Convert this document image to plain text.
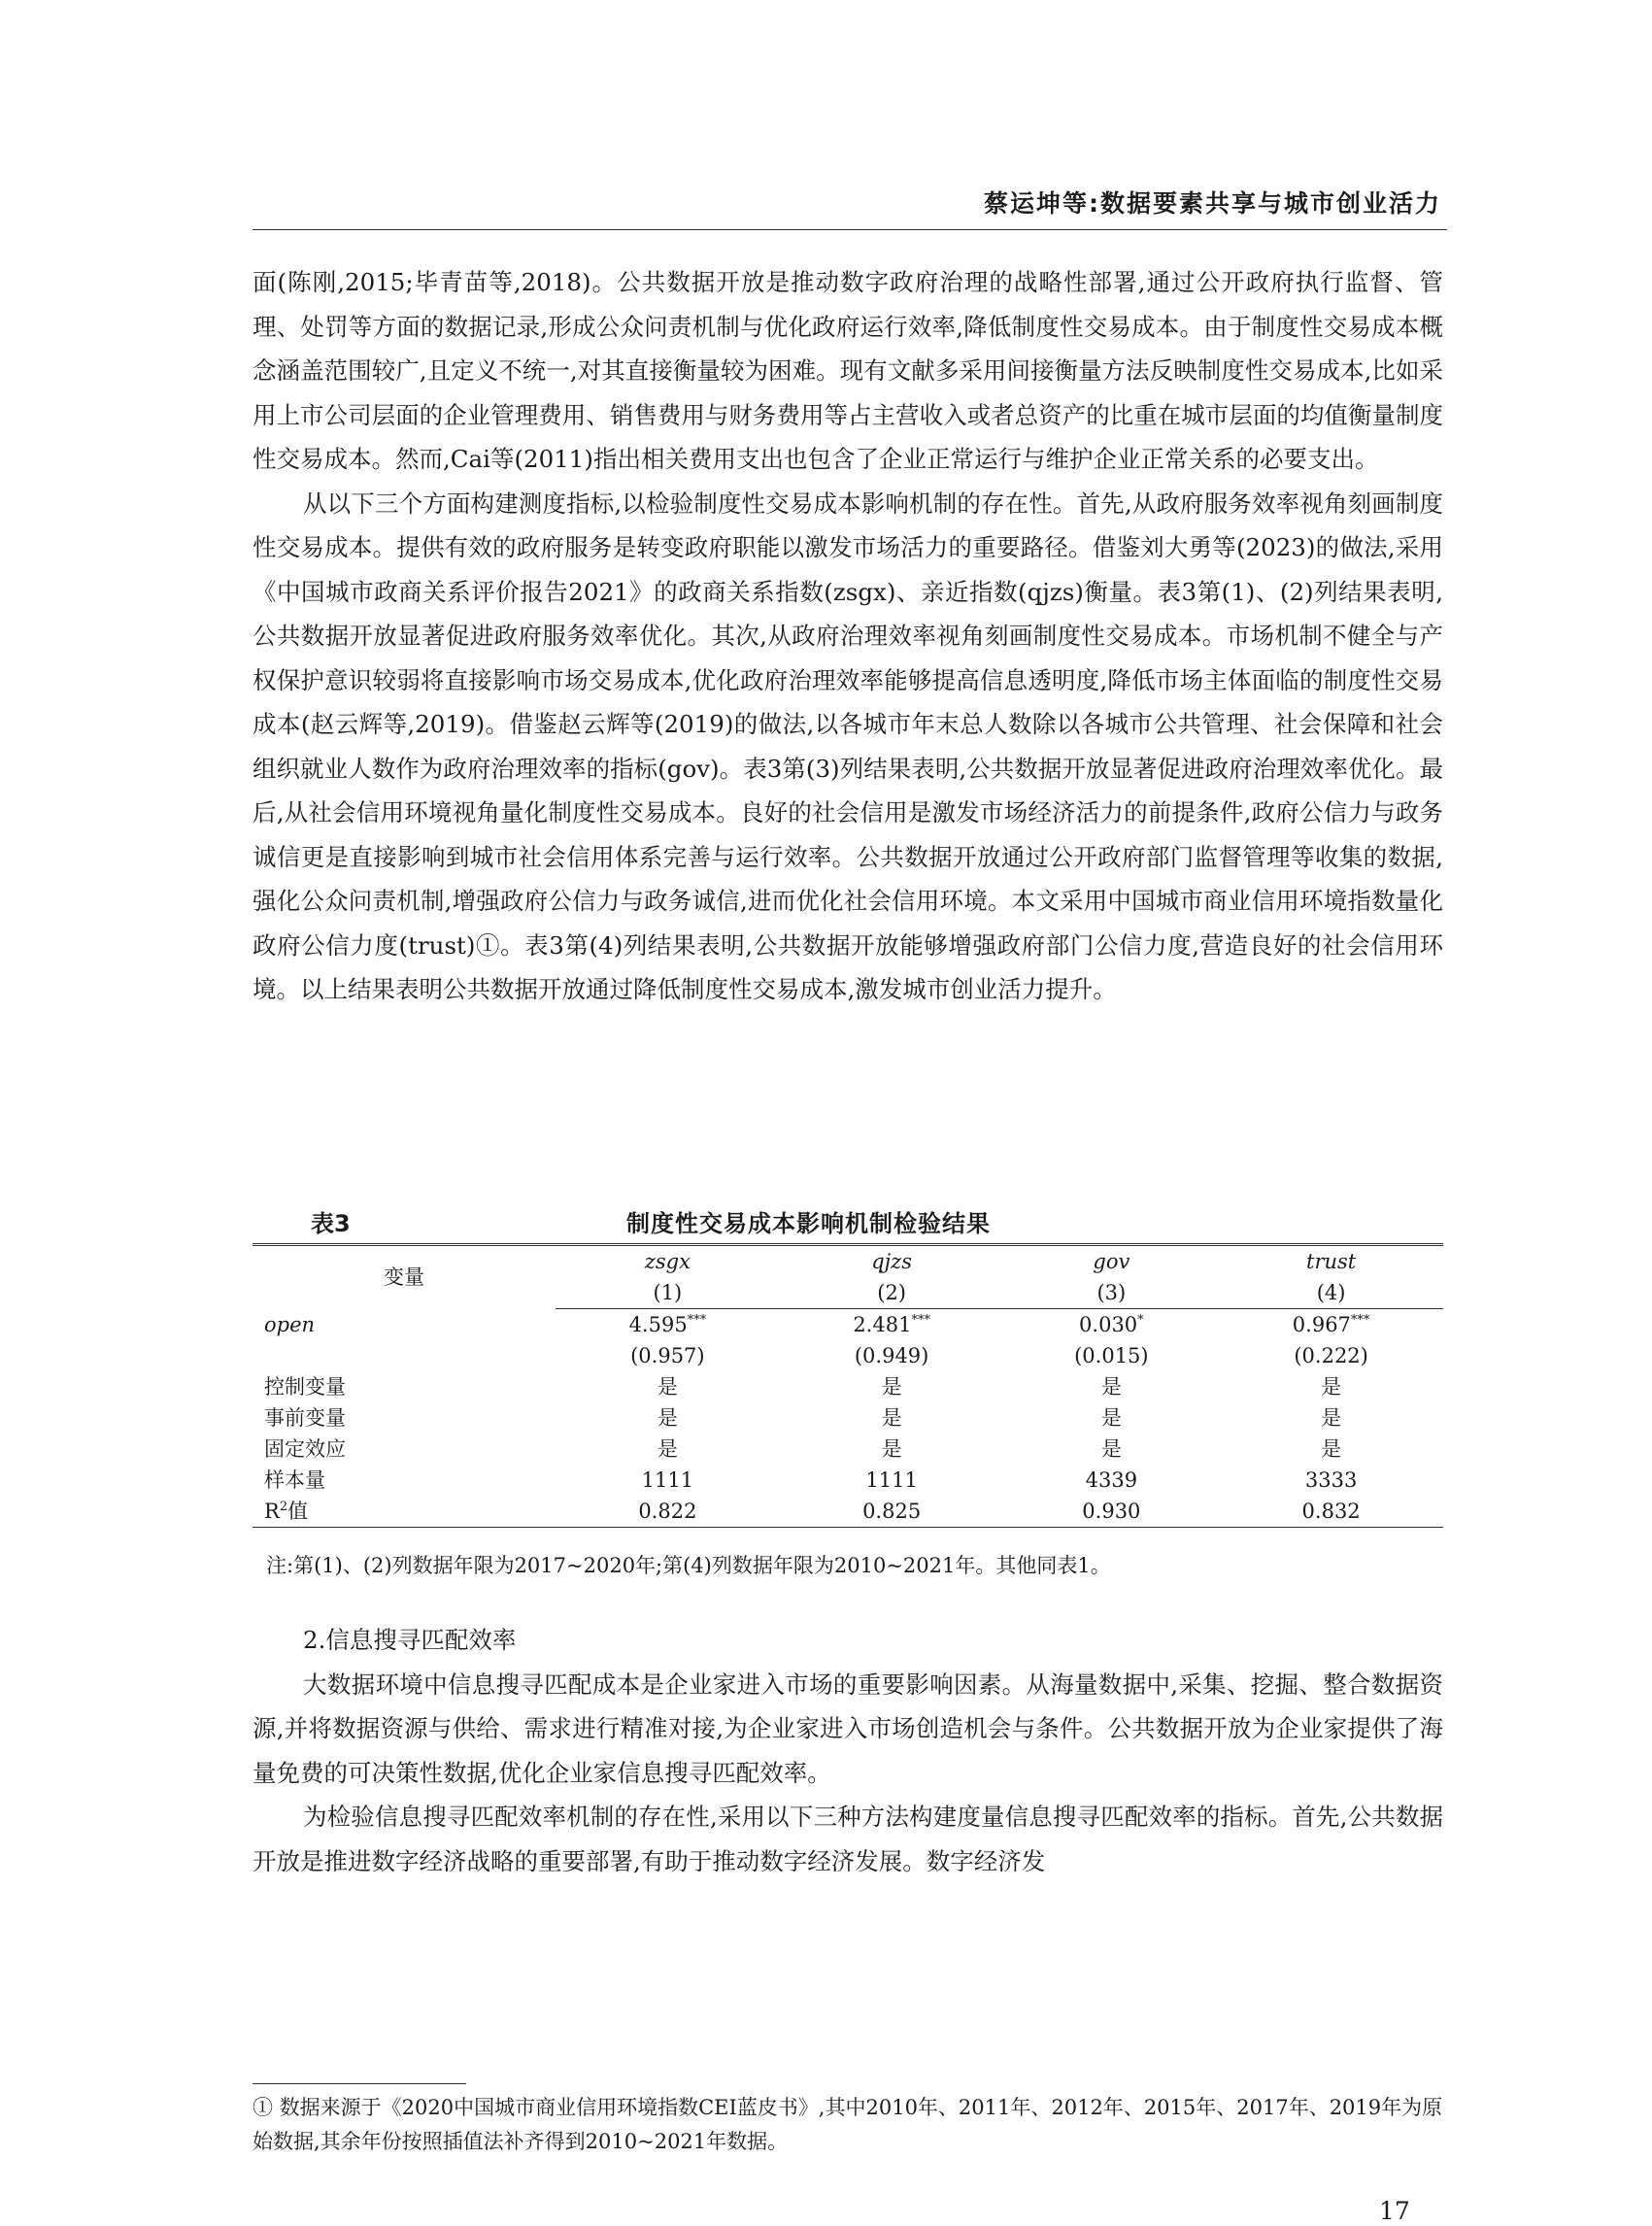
蔡运坤等:数据要素共享与城市创业活力

面(陈刚,2015;毕青苗等,2018)。公共数据开放是推动数字政府治理的战略性部署,通过公开政府执行监督、管理、处罚等方面的数据记录,形成公众问责机制与优化政府运行效率,降低制度性交易成本。由于制度性交易成本概念涵盖范围较广,且定义不统一,对其直接衡量较为困难。现有文献多采用间接衡量方法反映制度性交易成本,比如采用上市公司层面的企业管理费用、销售费用与财务费用等占主营收入或者总资产的比重在城市层面的均值衡量制度性交易成本。然而,Cai等(2011)指出相关费用支出也包含了企业正常运行与维护企业正常关系的必要支出。

从以下三个方面构建测度指标,以检验制度性交易成本影响机制的存在性。首先,从政府服务效率视角刻画制度性交易成本。提供有效的政府服务是转变政府职能以激发市场活力的重要路径。借鉴刘大勇等(2023)的做法,采用《中国城市政商关系评价报告2021》的政商关系指数(zsgx)、亲近指数(qjzs)衡量。表3第(1)、(2)列结果表明,公共数据开放显著促进政府服务效率优化。其次,从政府治理效率视角刻画制度性交易成本。市场机制不健全与产权保护意识较弱将直接影响市场交易成本,优化政府治理效率能够提高信息透明度,降低市场主体面临的制度性交易成本(赵云辉等,2019)。借鉴赵云辉等(2019)的做法,以各城市年末总人数除以各城市公共管理、社会保障和社会组织就业人数作为政府治理效率的指标(gov)。表3第(3)列结果表明,公共数据开放显著促进政府治理效率优化。最后,从社会信用环境视角量化制度性交易成本。良好的社会信用是激发市场经济活力的前提条件,政府公信力与政务诚信更是直接影响到城市社会信用体系完善与运行效率。公共数据开放通过公开政府部门监督管理等收集的数据,强化公众问责机制,增强政府公信力与政务诚信,进而优化社会信用环境。本文采用中国城市商业信用环境指数量化政府公信力度(trust)①。表3第(4)列结果表明,公共数据开放能够增强政府部门公信力度,营造良好的社会信用环境。以上结果表明公共数据开放通过降低制度性交易成本,激发城市创业活力提升。

表3	制度性交易成本影响机制检验结果
变量	zsgx	qjzs	gov	trust
	(1)	(2)	(3)	(4)
open	4.595***	2.481***	0.030*	0.967***
	(0.957)	(0.949)	(0.015)	(0.222)
控制变量	是	是	是	是
事前变量	是	是	是	是
固定效应	是	是	是	是
样本量	1111	1111	4339	3333
$R^2$值	0.822	0.825	0.930	0.832
注:第(1)、(2)列数据年限为2017~2020年;第(4)列数据年限为2010~2021年。其他同表1。

2.信息搜寻匹配效率

大数据环境中信息搜寻匹配成本是企业家进入市场的重要影响因素。从海量数据中,采集、挖掘、整合数据资源,并将数据资源与供给、需求进行精准对接,为企业家进入市场创造机会与条件。公共数据开放为企业家提供了海量免费的可决策性数据,优化企业家信息搜寻匹配效率。

为检验信息搜寻匹配效率机制的存在性,采用以下三种方法构建度量信息搜寻匹配效率的指标。首先,公共数据开放是推进数字经济战略的重要部署,有助于推动数字经济发展。数字经济发

① 数据来源于《2020中国城市商业信用环境指数CEI蓝皮书》,其中2010年、2011年、2012年、2015年、2017年、2019年为原始数据,其余年份按照插值法补齐得到2010~2021年数据。
17
